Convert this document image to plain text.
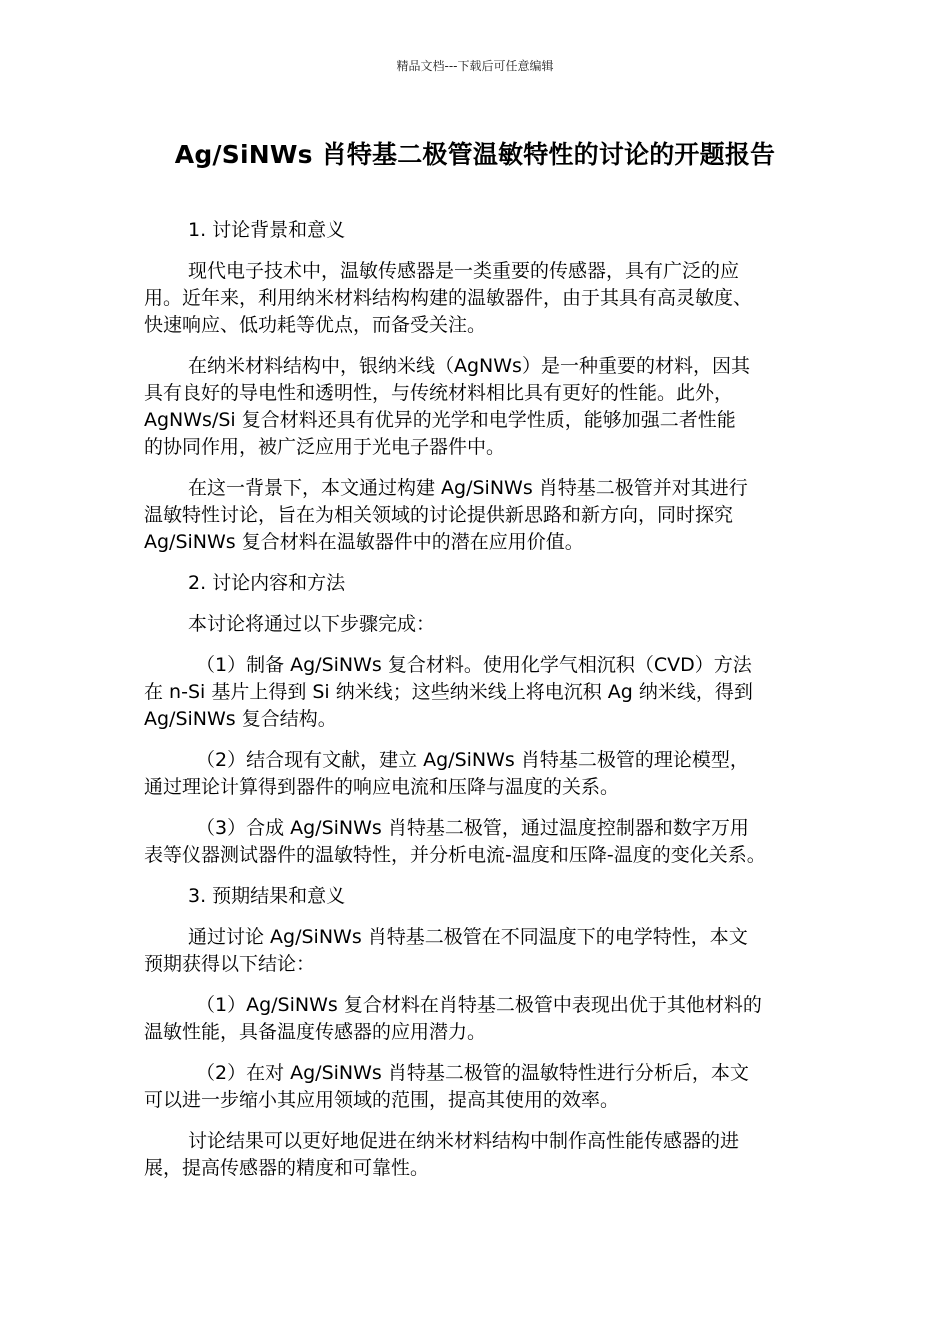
精品文档---下载后可任意编辑
Ag/SiNWs 肖特基二极管温敏特性的讨论的开题报告
1. 讨论背景和意义
现代电子技术中，温敏传感器是一类重要的传感器，具有广泛的应
用。近年来，利用纳米材料结构构建的温敏器件，由于其具有高灵敏度、
快速响应、低功耗等优点，而备受关注。
在纳米材料结构中，银纳米线（AgNWs）是一种重要的材料，因其
具有良好的导电性和透明性，与传统材料相比具有更好的性能。此外，
AgNWs/Si 复合材料还具有优异的光学和电学性质，能够加强二者性能
的协同作用，被广泛应用于光电子器件中。
在这一背景下，本文通过构建 Ag/SiNWs 肖特基二极管并对其进行
温敏特性讨论，旨在为相关领域的讨论提供新思路和新方向，同时探究
Ag/SiNWs 复合材料在温敏器件中的潜在应用价值。
2. 讨论内容和方法
本讨论将通过以下步骤完成：
（1）制备 Ag/SiNWs 复合材料。使用化学气相沉积（CVD）方法
在 n-Si 基片上得到 Si 纳米线；这些纳米线上将电沉积 Ag 纳米线，得到
Ag/SiNWs 复合结构。
（2）结合现有文献，建立 Ag/SiNWs 肖特基二极管的理论模型，
通过理论计算得到器件的响应电流和压降与温度的关系。
（3）合成 Ag/SiNWs 肖特基二极管，通过温度控制器和数字万用
表等仪器测试器件的温敏特性，并分析电流-温度和压降-温度的变化关系。
3. 预期结果和意义
通过讨论 Ag/SiNWs 肖特基二极管在不同温度下的电学特性，本文
预期获得以下结论：
（1）Ag/SiNWs 复合材料在肖特基二极管中表现出优于其他材料的
温敏性能，具备温度传感器的应用潜力。
（2）在对 Ag/SiNWs 肖特基二极管的温敏特性进行分析后，本文
可以进一步缩小其应用领域的范围，提高其使用的效率。
讨论结果可以更好地促进在纳米材料结构中制作高性能传感器的进
展，提高传感器的精度和可靠性。
